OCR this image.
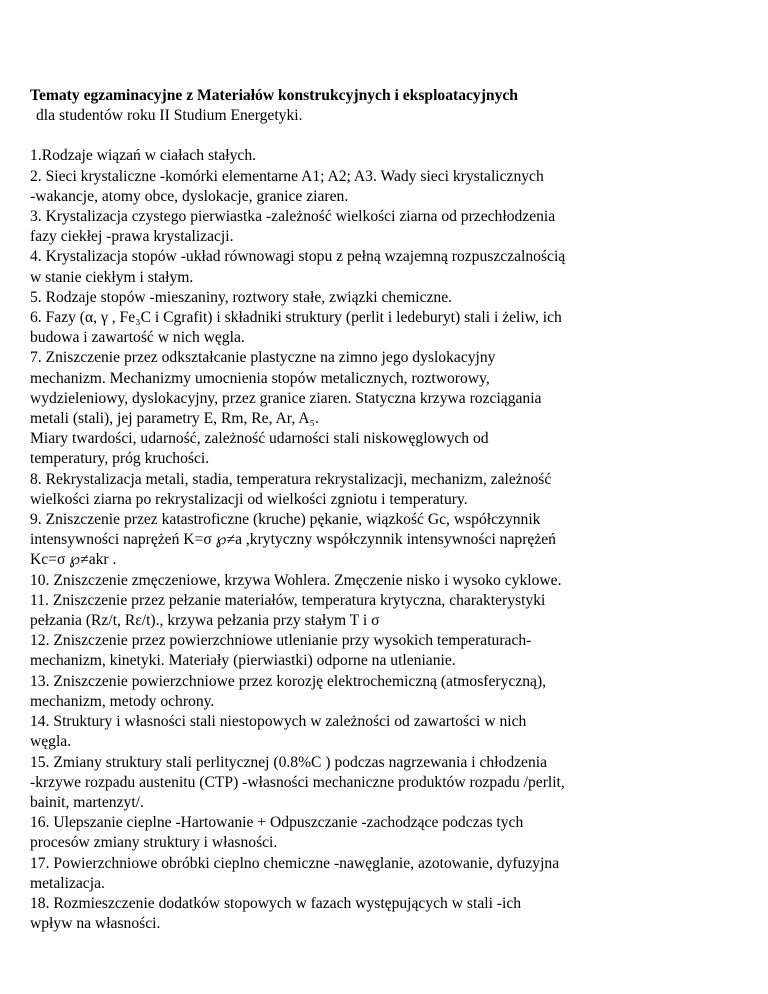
Tematy egzaminacyjne z Materiałów konstrukcyjnych i eksploatacyjnych

dla studentów roku II Studium Energetyki.

1.Rodzaje wiązań w ciałach stałych.

2. Sieci krystaliczne -komórki elementarne A1; A2; A3. Wady sieci krystalicznych
-wakancje, atomy obce, dyslokacje, granice ziaren.

3. Krystalizacja czystego pierwiastka -zależność wielkości ziarna od przechłodzenia
fazy ciekłej -prawa krystalizacji.

4. Krystalizacja stopów -układ równowagi stopu z pełną wzajemną rozpuszczalnością
w stanie ciekłym i stałym.

5. Rodzaje stopów -mieszaniny, roztwory stałe, związki chemiczne.

6. Fazy (α, γ , Fe₃C i Cgrafit) i składniki struktury (perlit i ledeburyt) stali i żeliw, ich
budowa i zawartość w nich węgla.

7. Zniszczenie przez odkształcanie plastyczne na zimno jego dyslokacyjny
mechanizm. Mechanizmy umocnienia stopów metalicznych, roztworowy,
wydzieleniowy, dyslokacyjny, przez granice ziaren. Statyczna krzywa rozciągania
metali (stali), jej parametry E, Rm, Re, Ar, A₅.
Miary twardości, udarność, zależność udarności stali niskowęglowych od
temperatury, próg kruchości.

8. Rekrystalizacja metali, stadia, temperatura rekrystalizacji, mechanizm, zależność
wielkości ziarna po rekrystalizacji od wielkości zgniotu i temperatury.

9. Zniszczenie przez katastroficzne (kruche) pękanie, wiązkość Gc, współczynnik
intensywności naprężeń K=σ ℘≠a ,krytyczny współczynnik intensywności naprężeń
Kc=σ ℘≠akr .

10. Zniszczenie zmęczeniowe, krzywa Wohlera. Zmęczenie nisko i wysoko cyklowe.

11. Zniszczenie przez pełzanie materiałów, temperatura krytyczna, charakterystyki
pełzania (Rz/t, Rε/t)., krzywa pełzania przy stałym T i σ

12. Zniszczenie przez powierzchniowe utlenianie przy wysokich temperaturach-
mechanizm, kinetyki. Materiały (pierwiastki) odporne na utlenianie.

13. Zniszczenie powierzchniowe przez korozję elektrochemiczną (atmosferyczną),
mechanizm, metody ochrony.

14. Struktury i własności stali niestopowych w zależności od zawartości w nich
węgla.

15. Zmiany struktury stali perlitycznej (0.8%C ) podczas nagrzewania i chłodzenia
-krzywe rozpadu austenitu (CTP) -własności mechaniczne produktów rozpadu /perlit,
bainit, martenzyt/.

16. Ulepszanie cieplne -Hartowanie + Odpuszczanie -zachodzące podczas tych
procesów zmiany struktury i własności.

17. Powierzchniowe obróbki cieplno chemiczne -nawęglanie, azotowanie, dyfuzyjna
metalizacja.

18. Rozmieszczenie dodatków stopowych w fazach występujących w stali -ich
wpływ na własności.
